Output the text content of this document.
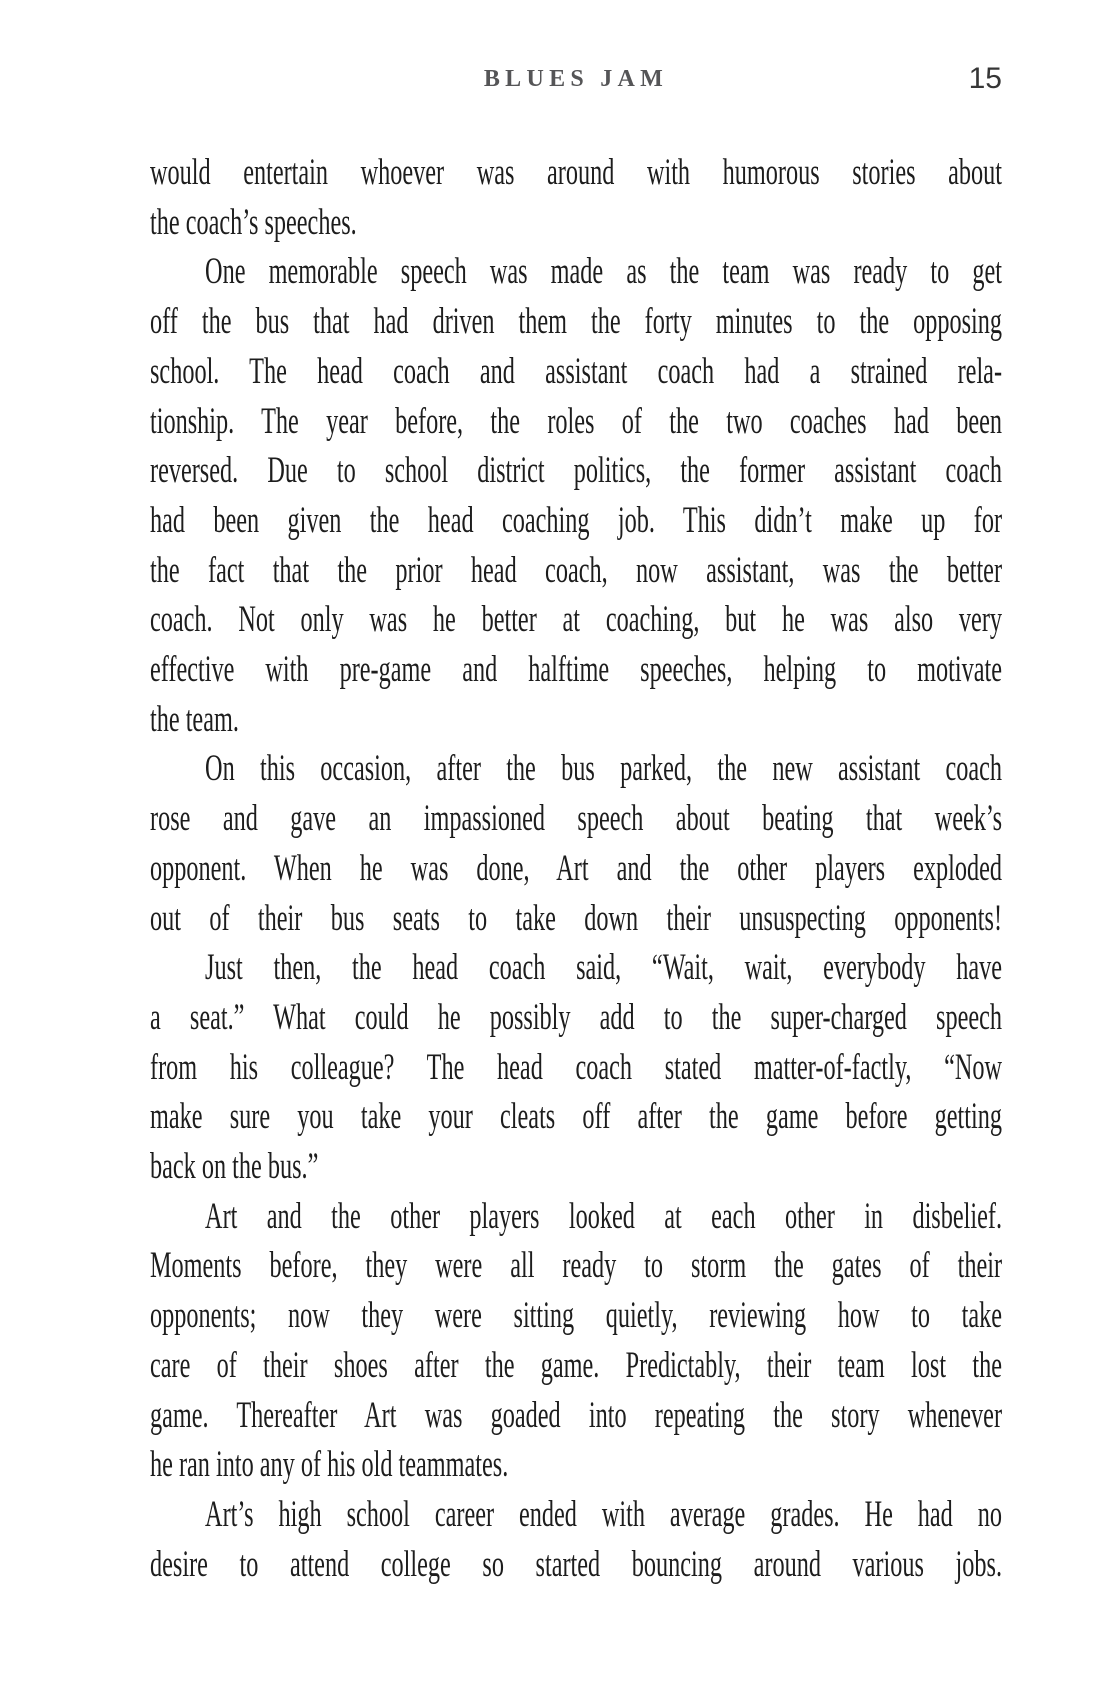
BLUES JAM	15
would entertain whoever was around with humorous stories about
the coach’s speeches.
One memorable speech was made as the team was ready to get
off the bus that had driven them the forty minutes to the opposing
school. The head coach and assistant coach had a strained rela-
tionship. The year before, the roles of the two coaches had been
reversed. Due to school district politics, the former assistant coach
had been given the head coaching job. This didn’t make up for
the fact that the prior head coach, now assistant, was the better
coach. Not only was he better at coaching, but he was also very
effective with pre-game and halftime speeches, helping to motivate
the team.
On this occasion, after the bus parked, the new assistant coach
rose and gave an impassioned speech about beating that week’s
opponent. When he was done, Art and the other players exploded
out of their bus seats to take down their unsuspecting opponents!
Just then, the head coach said, “Wait, wait, everybody have
a seat.” What could he possibly add to the super-charged speech
from his colleague? The head coach stated matter-of-factly, “Now
make sure you take your cleats off after the game before getting
back on the bus.”
Art and the other players looked at each other in disbelief.
Moments before, they were all ready to storm the gates of their
opponents; now they were sitting quietly, reviewing how to take
care of their shoes after the game. Predictably, their team lost the
game. Thereafter Art was goaded into repeating the story whenever
he ran into any of his old teammates.
Art’s high school career ended with average grades. He had no
desire to attend college so started bouncing around various jobs.
